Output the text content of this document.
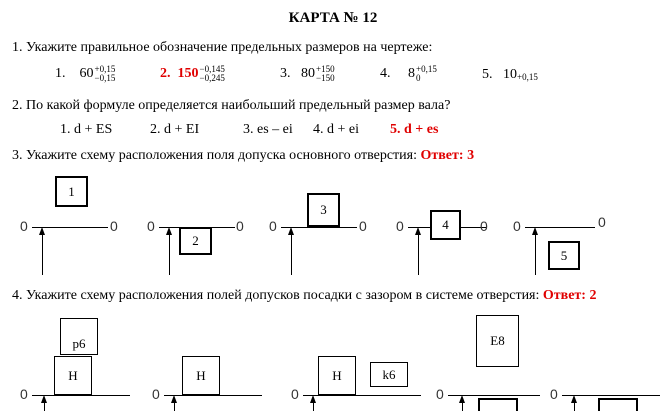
КАРТА № 12
1. Укажите правильное обозначение предельных размеров на чертеже:
1. 60 +0,15
−0,15	2. 150 −0,145
−0,245	3. 80 +150
−150	4. 8 +0,15
0	5. $10_{+0,15}$
2. По какой формуле определяется наибольший предельный размер вала?
1. d + ES	2. d + EI	3. es – ei 4. d + ei 5. d + es
3. Укажите схему расположения поля допуска основного отверстия: Ответ: 3
0	0
1
0	0
2
0	0
3
0	0
4	0	0
5
4. Укажите схему расположения полей допусков посадки с зазором в системе отверстия: Ответ: 2
0
p6
H
0
H
0
H	k6
0
E8
0
